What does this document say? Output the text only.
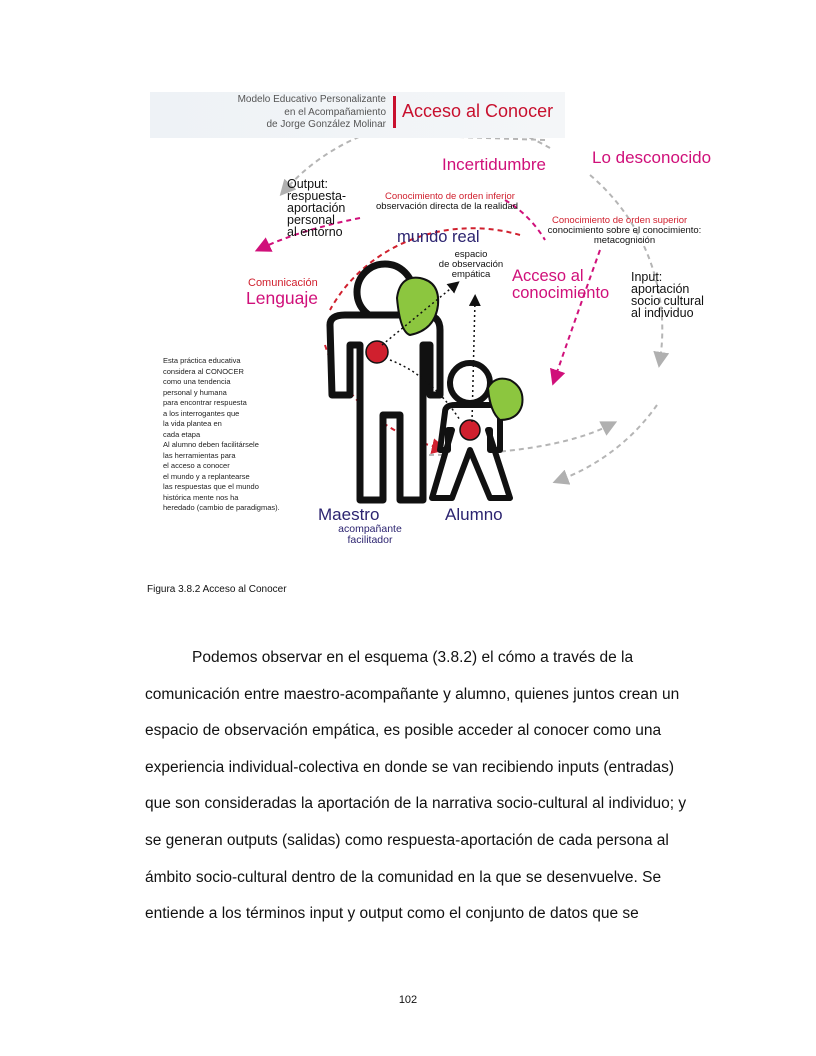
Modelo Educativo Personalizante
en el Acompañamiento
de Jorge González Molinar
Acceso al Conocer
Incertidumbre	Lo desconocido
Output:
respuesta-
aportación
personal
al entorno
Conocimiento de orden inferior
observación directa de la realidad
Conocimiento de orden superior
conocimiento sobre el conocimiento:
metacognición
mundo real
espacio
de observación
empática	Acceso al
conocimiento
Input:
aportación
socio cultural
al individuo
Comunicación
Lenguaje
Esta práctica educativa
considera al CONOCER
como una tendencia
personal y humana
para encontrar respuesta
a los interrogantes que
la vida plantea en
cada etapa
Al alumno deben facilitársele
las herramientas para
el acceso a conocer
el mundo y a replantearse
las respuestas que el mundo
histórica mente nos ha
heredado (cambio de paradigmas). Maestro
acompañante
facilitador
Alumno
Figura 3.8.2 Acceso al Conocer
Podemos observar en el esquema (3.8.2) el cómo a través de la
comunicación entre maestro-acompañante y alumno, quienes juntos crean un
espacio de observación empática, es posible acceder al conocer como una
experiencia individual-colectiva en donde se van recibiendo inputs (entradas)
que son consideradas la aportación de la narrativa socio-cultural al individuo; y
se generan outputs (salidas) como respuesta-aportación de cada persona al
ámbito socio-cultural dentro de la comunidad en la que se desenvuelve. Se
entiende a los términos input y output como el conjunto de datos que se
102
